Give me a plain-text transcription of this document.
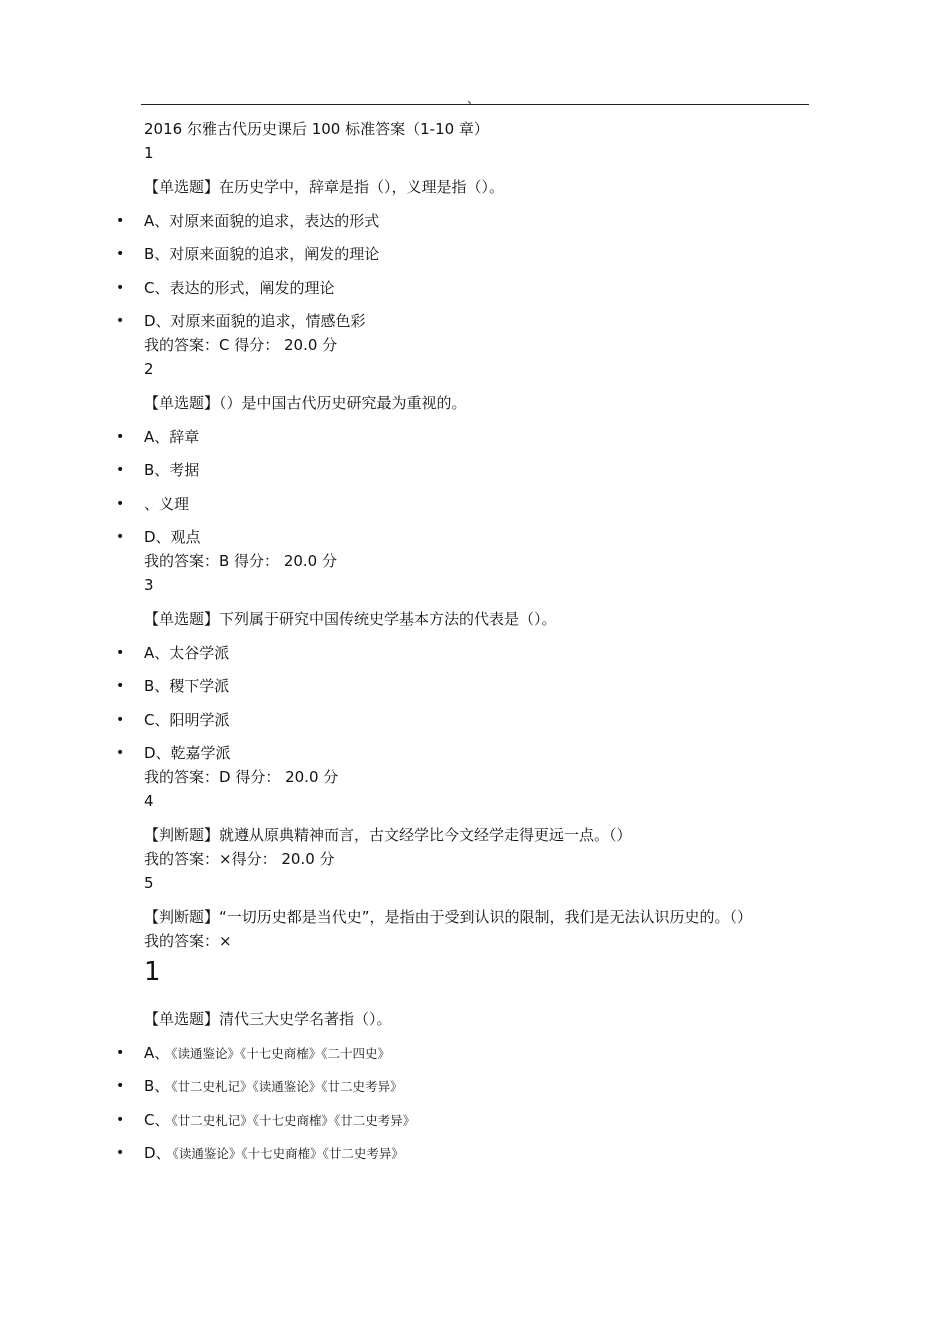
、
2016 尔雅古代历史课后 100 标准答案（1-10 章）
1
【单选题】在历史学中，辞章是指（），义理是指（）。
• A、对原来面貌的追求，表达的形式
• B、对原来面貌的追求，阐发的理论
• C、表达的形式，阐发的理论
• D、对原来面貌的追求，情感色彩
我的答案：C 得分： 20.0 分
2
【单选题】（）是中国古代历史研究最为重视的。
• A、辞章
• B、考据
• 、义理
• D、观点
我的答案：B 得分： 20.0 分
3
【单选题】下列属于研究中国传统史学基本方法的代表是（）。
• A、太谷学派
• B、稷下学派
• C、阳明学派
• D、乾嘉学派
我的答案：D 得分： 20.0 分
4
【判断题】就遵从原典精神而言，古文经学比今文经学走得更远一点。（）
我的答案：×得分： 20.0 分
5
【判断题】“一切历史都是当代史”，是指由于受到认识的限制，我们是无法认识历史的。（）
我的答案：×
1
【单选题】清代三大史学名著指（）。
• A、 《读通鉴论》《十七史商榷》《二十四史》
• B、 《廿二史札记》《读通鉴论》《廿二史考异》
• C、 《廿二史札记》《十七史商榷》《廿二史考异》
• D、 《读通鉴论》《十七史商榷》《廿二史考异》
